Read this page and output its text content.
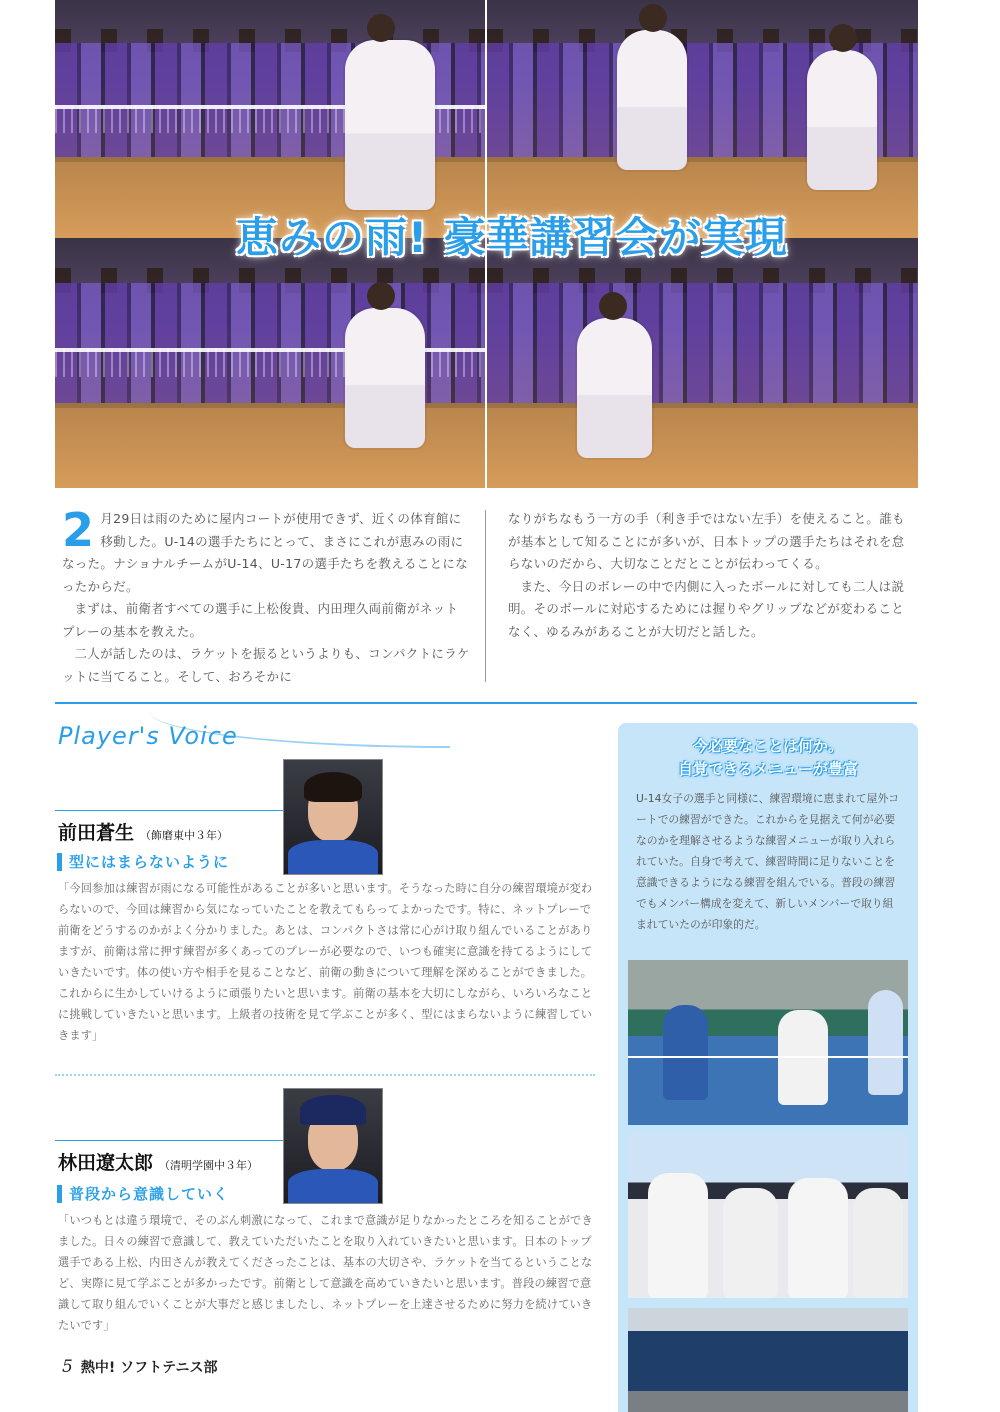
恵みの雨! 豪華講習会が実現
2 月29日は雨のために屋内コートが使用できず、近くの体育館に移動した。U-14の選手たちにとって、まさにこれが恵みの雨になった。ナショナルチームがU-14、U-17の選手たちを教えることになったからだ。

まずは、前衛者すべての選手に上松俊貴、内田理久両前衛がネットプレーの基本を教えた。

二人が話したのは、ラケットを振るというよりも、コンパクトにラケットに当てること。そして、おろそかに

なりがちなもう一方の手（利き手ではない左手）を使えること。誰もが基本として知ることにが多いが、日本トップの選手たちはそれを怠らないのだから、大切なことだとことが伝わってくる。

また、今日のボレーの中で内側に入ったボールに対しても二人は説明。そのボールに対応するためには握りやグリップなどが変わることなく、ゆるみがあることが大切だと話した。

Player's Voice
前田蒼生 （飾磨東中３年）
型にはまらないように
「今回参加は練習が雨になる可能性があることが多いと思います。そうなった時に自分の練習環境が変わらないので、今回は練習から気になっていたことを教えてもらってよかったです。特に、ネットプレーで前衛をどうするのかがよく分かりました。あとは、コンパクトさは常に心がけ取り組んでいることがありますが、前衛は常に押す練習が多くあってのプレーが必要なので、いつも確実に意識を持てるようにしていきたいです。体の使い方や相手を見ることなど、前衛の動きについて理解を深めることができました。これからに生かしていけるように頑張りたいと思います。前衛の基本を大切にしながら、いろいろなことに挑戦していきたいと思います。上級者の技術を見て学ぶことが多く、型にはまらないように練習していきます」
林田遼太郎 （清明学園中３年）
普段から意識していく
「いつもとは違う環境で、そのぶん刺激になって、これまで意識が足りなかったところを知ることができました。日々の練習で意識して、教えていただいたことを取り入れていきたいと思います。日本のトップ選手である上松、内田さんが教えてくださったことは、基本の大切さや、ラケットを当てるということなど、実際に見て学ぶことが多かったです。前衛として意識を高めていきたいと思います。普段の練習で意識して取り組んでいくことが大事だと感じましたし、ネットプレーを上達させるために努力を続けていきたいです」
今必要なことは何か。
自覚できるメニューが豊富
U-14女子の選手と同様に、練習環境に恵まれて屋外コートでの練習ができた。これからを見据えて何が必要なのかを理解させるような練習メニューが取り入れられていた。自身で考えて、練習時間に足りないことを意識できるようになる練習を組んでいる。普段の練習でもメンバー構成を変えて、新しいメンバーで取り組まれていたのが印象的だ。
5 熱中! ソフトテニス部
